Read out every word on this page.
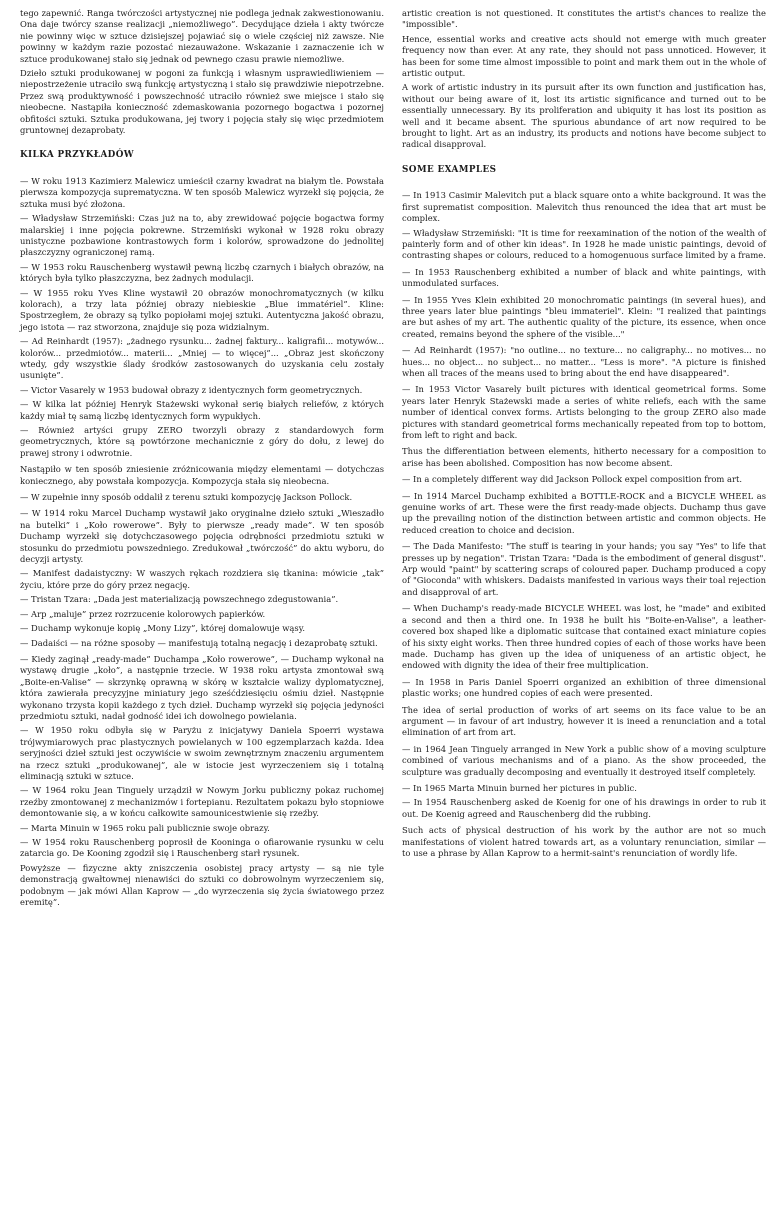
tego zapewnić. Ranga twórczości artystycznej nie podlega jednak zakwestionowaniu. Ona daje twórcy szanse realizacji „niemożliwego”. Decydujące dzieła i akty twórcze nie powinny więc w sztuce dzisiejszej pojawiać się o wiele częściej niż zawsze. Nie powinny w każdym razie pozostać niezauważone. Wskazanie i zaznaczenie ich w sztuce produkowanej stało się jednak od pewnego czasu prawie niemożliwe.

Dzieło sztuki produkowanej w pogoni za funkcją i własnym usprawiedliwieniem — niepostrzeżenie utraciło swą funkcję artystyczną i stało się prawdziwie niepotrzebne. Przez swą produktywność i powszechność utraciło również swe miejsce i stało się nieobecne. Nastąpiła konieczność zdemaskowania pozornego bogactwa i pozornej obfitości sztuki. Sztuka produkowana, jej twory i pojęcia stały się więc przedmiotem gruntownej dezaprobaty.

KILKA PRZYKŁADÓW

— W roku 1913 Kazimierz Malewicz umieścił czarny kwadrat na białym tle. Powstała pierwsza kompozycja suprematyczna. W ten sposób Malewicz wyrzekł się pojęcia, że sztuka musi być złożona.

— Władysław Strzemiński: Czas już na to, aby zrewidować pojęcie bogactwa formy malarskiej i inne pojęcia pokrewne. Strzemiński wykonał w 1928 roku obrazy unistyczne pozbawione kontrastowych form i kolorów, sprowadzone do jednolitej płaszczyzny ograniczonej ramą.

— W 1953 roku Rauschenberg wystawił pewną liczbę czarnych i białych obrazów, na których była tylko płaszczyzna, bez żadnych modulacji.

— W 1955 roku Yves Kline wystawił 20 obrazów monochromatycznych (w kilku kolorach), a trzy lata później obrazy niebieskie „Blue immatériel”. Kline: Spostrzegłem, że obrazy są tylko popiołami mojej sztuki. Autentyczna jakość obrazu, jego istota — raz stworzona, znajduje się poza widzialnym.

— Ad Reinhardt (1957): „żadnego rysunku... żadnej faktury... kaligrafii... motywów... kolorów... przedmiotów... materii... „Mniej — to więcej”... „Obraz jest skończony wtedy, gdy wszystkie ślady środków zastosowanych do uzyskania celu zostały usunięte”.

— Victor Vasarely w 1953 budował obrazy z identycznych form geometrycznych.

— W kilka lat później Henryk Stażewski wykonał serię białych reliefów, z których każdy miał tę samą liczbę identycznych form wypukłych.

— Również artyści grupy ZERO tworzyli obrazy z standardowych form geometrycznych, które są powtórzone mechanicznie z góry do dołu, z lewej do prawej strony i odwrotnie.

Nastąpiło w ten sposób zniesienie zróżnicowania między elementami — dotychczas koniecznego, aby powstała kompozycja. Kompozycja stała się nieobecna.

— W zupełnie inny sposób oddalił z terenu sztuki kompozycję Jackson Pollock.

— W 1914 roku Marcel Duchamp wystawił jako oryginalne dzieło sztuki „Wieszadło na butelki” i „Koło rowerowe”. Były to pierwsze „ready made”. W ten sposób Duchamp wyrzekł się dotychczasowego pojęcia odrębności przedmiotu sztuki w stosunku do przedmiotu powszedniego. Zredukował „twórczość” do aktu wyboru, do decyzji artysty.

— Manifest dadaistyczny: W waszych rękach rozdziera się tkanina: mówicie „tak” życiu, które prze do góry przez negację.

— Tristan Tzara: „Dada jest materializacją powszechnego zdegustowania”.

— Arp „maluje” przez rozrzucenie kolorowych papierków.

— Duchamp wykonuje kopię „Mony Lizy”, której domalowuje wąsy.

— Dadaiści — na różne sposoby — manifestują totalną negację i dezaprobatę sztuki.

— Kiedy zaginął „ready-made” Duchampa „Koło rowerowe”, — Duchamp wykonał na wystawę drugie „koło”, a następnie trzecie. W 1938 roku artysta zmontował swą „Boite-en-Valise” — skrzynkę oprawną w skórę w kształcie walizy dyplomatycznej, która zawierała precyzyjne miniatury jego sześćdziesięciu ośmiu dzieł. Następnie wykonano trzysta kopii każdego z tych dzieł. Duchamp wyrzekł się pojęcia jedyności przedmiotu sztuki, nadał godność idei ich dowolnego powielania.

— W 1950 roku odbyła się w Paryżu z inicjatywy Daniela Spoerri wystawa trójwymiarowych prac plastycznych powielanych w 100 egzemplarzach każda. Idea seryjności dzieł sztuki jest oczywiście w swoim zewnętrznym znaczeniu argumentem na rzecz sztuki „produkowanej”, ale w istocie jest wyrzeczeniem się i totalną eliminacją sztuki w sztuce.

— W 1964 roku Jean Tinguely urządził w Nowym Jorku publiczny pokaz ruchomej rzeźby zmontowanej z mechanizmów i fortepianu. Rezultatem pokazu było stopniowe demontowanie się, a w końcu całkowite samounicestwienie się rzeźby.

— Marta Minuin w 1965 roku pali publicznie swoje obrazy.

— W 1954 roku Rauschenberg poprosił de Kooninga o ofiarowanie rysunku w celu zatarcia go. De Kooning zgodził się i Rauschenberg starł rysunek.

Powyższe — fizyczne akty zniszczenia osobistej pracy artysty — są nie tyle demonstracją gwałtownej nienawiści do sztuki co dobrowolnym wyrzeczeniem się, podobnym — jak mówi Allan Kaprow — „do wyrzeczenia się życia światowego przez eremitę”.

artistic creation is not questioned. It constitutes the artist's chances to realize the "impossible".

Hence, essential works and creative acts should not emerge with much greater frequency now than ever. At any rate, they should not pass unnoticed. However, it has been for some time almost impossible to point and mark them out in the whole of artistic output.

A work of artistic industry in its pursuit after its own function and justification has, without our being aware of it, lost its artistic significance and turned out to be essentially unnecessary. By its proliferation and ubiquity it has lost its position as well and it became absent. The spurious abundance of art now required to be brought to light. Art as an industry, its products and notions have become subject to radical disapproval.

SOME EXAMPLES

— In 1913 Casimir Malevitch put a black square onto a white background. It was the first suprematist composition. Malevitch thus renounced the idea that art must be complex.

— Władysław Strzemiński: "It is time for reexamination of the notion of the wealth of painterly form and of other kin ideas". In 1928 he made unistic paintings, devoid of contrasting shapes or colours, reduced to a homogenuous surface limited by a frame.

— In 1953 Rauschenberg exhibited a number of black and white paintings, with unmodulated surfaces.

— In 1955 Yves Klein exhibited 20 monochromatic paintings (in several hues), and three years later blue paintings "bleu immateriel". Klein: "I realized that paintings are but ashes of my art. The authentic quality of the picture, its essence, when once created, remains beyond the sphere of the visible..."

— Ad Reinhardt (1957): "no outline... no texture... no caligraphy... no motives... no hues... no object... no subject... no matter... "Less is more". "A picture is finished when all traces of the means used to bring about the end have disappeared".

— In 1953 Victor Vasarely built pictures with identical geometrical forms. Some years later Henryk Stażewski made a series of white reliefs, each with the same number of identical convex forms. Artists belonging to the group ZERO also made pictures with standard geometrical forms mechanically repeated from top to bottom, from left to right and back.

Thus the differentiation between elements, hitherto necessary for a composition to arise has been abolished. Composition has now become absent.

— In a completely different way did Jackson Pollock expel composition from art.

— In 1914 Marcel Duchamp exhibited a BOTTLE-ROCK and a BICYCLE WHEEL as genuine works of art. These were the first ready-made objects. Duchamp thus gave up the prevailing notion of the distinction between artistic and common objects. He reduced creation to choice and decision.

— The Dada Manifesto: "The stuff is tearing in your hands; you say "Yes" to life that presses up by negation". Tristan Tzara: "Dada is the embodiment of general disgust". Arp would "paint" by scattering scraps of coloured paper. Duchamp produced a copy of "Gioconda" with whiskers. Dadaists manifested in various ways their toal rejection and disapproval of art.

— When Duchamp's ready-made BICYCLE WHEEL was lost, he "made" and exibited a second and then a third one. In 1938 he built his "Boite-en-Valise", a leather-covered box shaped like a diplomatic suitcase that contained exact miniature copies of his sixty eight works. Then three hundred copies of each of those works have been made. Duchamp has given up the idea of uniqueness of an artistic object, he endowed with dignity the idea of their free multiplication.

— In 1958 in Paris Daniel Spoerri organized an exhibition of three dimensional plastic works; one hundred copies of each were presented.

The idea of serial production of works of art seems on its face value to be an argument — in favour of art industry, however it is ineed a renunciation and a total elimination of art from art.

— in 1964 Jean Tinguely arranged in New York a public show of a moving sculpture combined of various mechanisms and of a piano. As the show proceeded, the sculpture was gradually decomposing and eventually it destroyed itself completely.

— In 1965 Marta Minuin burned her pictures in public.

— In 1954 Rauschenberg asked de Koenig for one of his drawings in order to rub it out. De Koenig agreed and Rauschenberg did the rubbing.

Such acts of physical destruction of his work by the author are not so much manifestations of violent hatred towards art, as a voluntary renunciation, similar — to use a phrase by Allan Kaprow to a hermit-saint's renunciation of wordly life.
